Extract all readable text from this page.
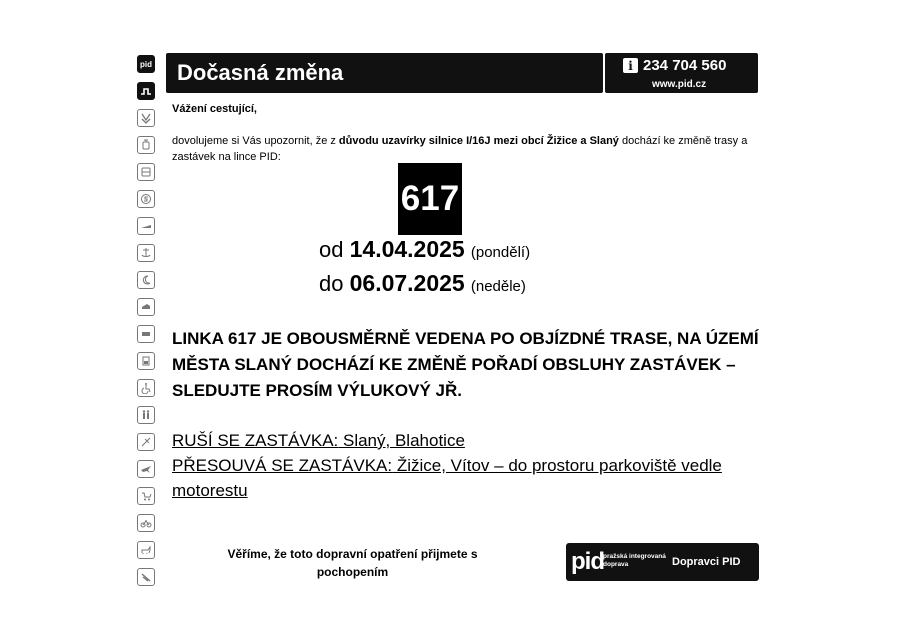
pid Dočasná změna	i 234 704 560
www.pid.cz
Vážení cestující,
dovolujeme si Vás upozornit, že z důvodu uzavírky silnice I/16J mezi obcí Žižice a Slaný dochází ke změně trasy a zastávek na lince PID:
617
od 14.04.2025 (pondělí)
do 06.07.2025 (neděle)
LINKA 617 JE OBOUSMĚRNĚ VEDENA PO OBJÍZDNÉ TRASE, NA ÚZEMÍ MĚSTA SLANÝ DOCHÁZÍ KE ZMĚNĚ POŘADÍ OBSLUHY ZASTÁVEK – SLEDUJTE PROSÍM VÝLUKOVÝ JŘ.
RUŠÍ SE ZASTÁVKA: Slaný, Blahotice
PŘESOUVÁ SE ZASTÁVKA: Žižice, Vítov – do prostoru parkoviště vedle motorestu
Věříme, že toto dopravní opatření přijmete s pochopením	pid pražská integrovaná
doprava	Dopravci PID
